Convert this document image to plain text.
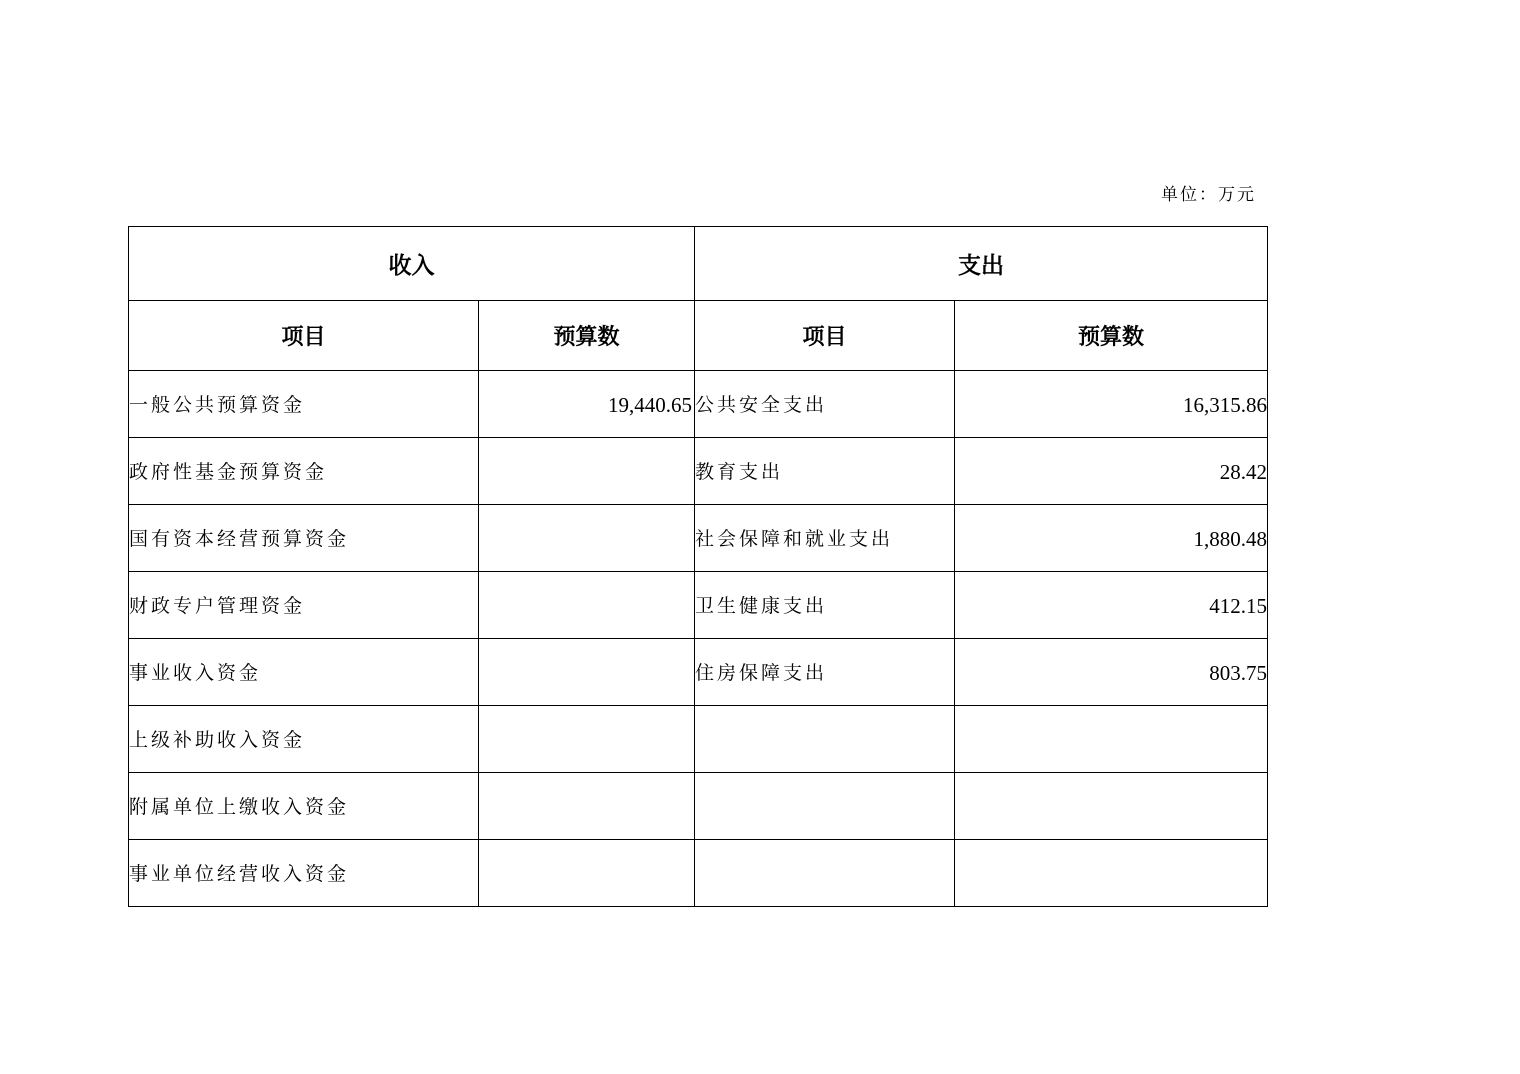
单位：万元
收入		支出	
项目	预算数	项目	预算数
一般公共预算资金	19,440.65	公共安全支出	16,315.86
政府性基金预算资金		教育支出	28.42
国有资本经营预算资金		社会保障和就业支出	1,880.48
财政专户管理资金		卫生健康支出	412.15
事业收入资金		住房保障支出	803.75
上级补助收入资金			
附属单位上缴收入资金			
事业单位经营收入资金			
